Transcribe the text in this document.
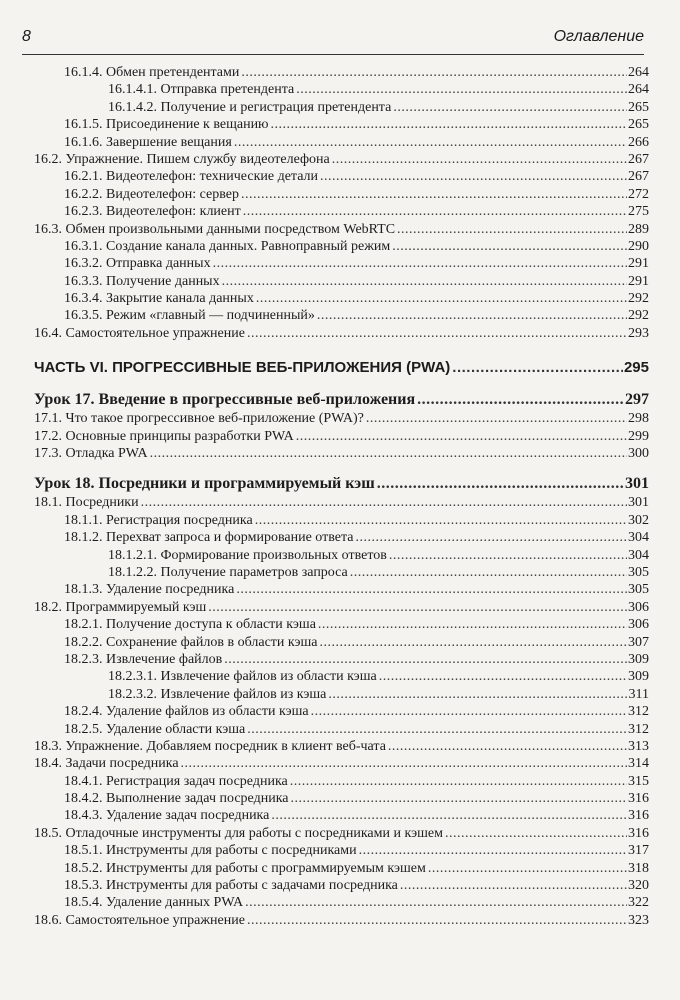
8	Оглавление
16.1.4. Обмен претендентами .....	264
16.1.4.1. Отправка претендента .....	264
16.1.4.2. Получение и регистрация претендента .....	265
16.1.5. Присоединение к вещанию .....	265
16.1.6. Завершение вещания .....	266
16.2. Упражнение. Пишем службу видеотелефона .....	267
16.2.1. Видеотелефон: технические детали .....	267
16.2.2. Видеотелефон: сервер .....	272
16.2.3. Видеотелефон: клиент .....	275
16.3. Обмен произвольными данными посредством WebRTC .....	289
16.3.1. Создание канала данных. Равноправный режим .....	290
16.3.2. Отправка данных .....	291
16.3.3. Получение данных .....	291
16.3.4. Закрытие канала данных .....	292
16.3.5. Режим «главный — подчиненный» .....	292
16.4. Самостоятельное упражнение .....	293
ЧАСТЬ VI. ПРОГРЕССИВНЫЕ ВЕБ-ПРИЛОЖЕНИЯ (PWA) .....	295
Урок 17. Введение в прогрессивные веб-приложения .....	297
17.1. Что такое прогрессивное веб-приложение (PWA)? .....	298
17.2. Основные принципы разработки PWA .....	299
17.3. Отладка PWA .....	300
Урок 18. Посредники и программируемый кэш .....	301
18.1. Посредники .....	301
18.1.1. Регистрация посредника .....	302
18.1.2. Перехват запроса и формирование ответа .....	304
18.1.2.1. Формирование произвольных ответов .....	304
18.1.2.2. Получение параметров запроса .....	305
18.1.3. Удаление посредника .....	305
18.2. Программируемый кэш .....	306
18.2.1. Получение доступа к области кэша .....	306
18.2.2. Сохранение файлов в области кэша .....	307
18.2.3. Извлечение файлов .....	309
18.2.3.1. Извлечение файлов из области кэша .....	309
18.2.3.2. Извлечение файлов из кэша .....	311
18.2.4. Удаление файлов из области кэша .....	312
18.2.5. Удаление области кэша .....	312
18.3. Упражнение. Добавляем посредник в клиент веб-чата .....	313
18.4. Задачи посредника .....	314
18.4.1. Регистрация задач посредника .....	315
18.4.2. Выполнение задач посредника .....	316
18.4.3. Удаление задач посредника .....	316
18.5. Отладочные инструменты для работы с посредниками и кэшем .....	316
18.5.1. Инструменты для работы с посредниками .....	317
18.5.2. Инструменты для работы с программируемым кэшем .....	318
18.5.3. Инструменты для работы с задачами посредника .....	320
18.5.4. Удаление данных PWA .....	322
18.6. Самостоятельное упражнение .....	323
